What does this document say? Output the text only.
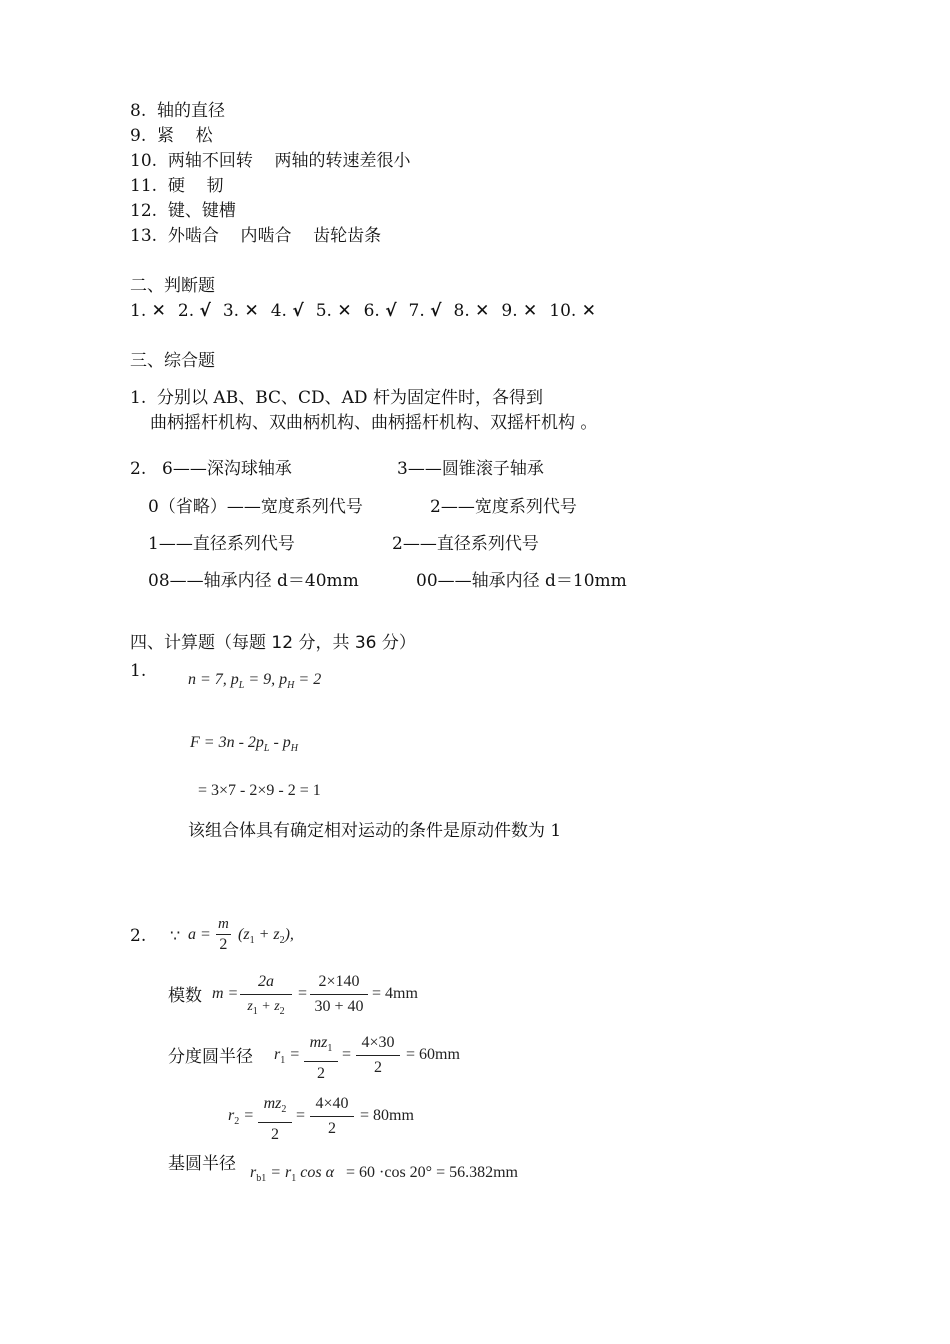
8.  轴的直径
9.  紧    松
10.  两轴不回转    两轴的转速差很小
11.  硬    韧
12.  键、键槽
13.  外啮合    内啮合    齿轮齿条
二、判断题
1. ✕ 2. √ 3. ✕ 4. √ 5. ✕ 6. √ 7. √ 8. ✕ 9. ✕ 10. ✕
三、综合题
1.  分别以 AB、BC、CD、AD 杆为固定件时，各得到
曲柄摇杆机构、双曲柄机构、曲柄摇杆机构、双摇杆机构 。
2. 6——深沟球轴承	3——圆锥滚子轴承
0（省略）——宽度系列代号	2——宽度系列代号
1——直径系列代号	2——直径系列代号
08——轴承内径 d＝40mm	00——轴承内径 d＝10mm
四、计算题（每题 12 分，共 36 分）
1.	n = 7, $p_L = 9$, $p_H = 2$
$F = 3n - 2p_L - p_H$
= 3×7 - 2×9 - 2 = 1
该组合体具有确定相对运动的条件是原动件数为 1
2. ∵ $a = \frac{m}{2} (z_1 + z_2)$,
模数 $m = \frac{2a}{z_1 + z_2} = \frac{2\times 140}{30 + 40} = 4mm$
分度圆半径 $r_1 = \frac{mz_1}{2} = \frac{4\times 30}{2} = 60mm$
$r_2 = \frac{mz_2}{2} = \frac{4\times 40}{2} = 80mm$
基圆半径 $r_{b1} = r_1$ cos α = 60 ·cos 20° = 56.382mm
